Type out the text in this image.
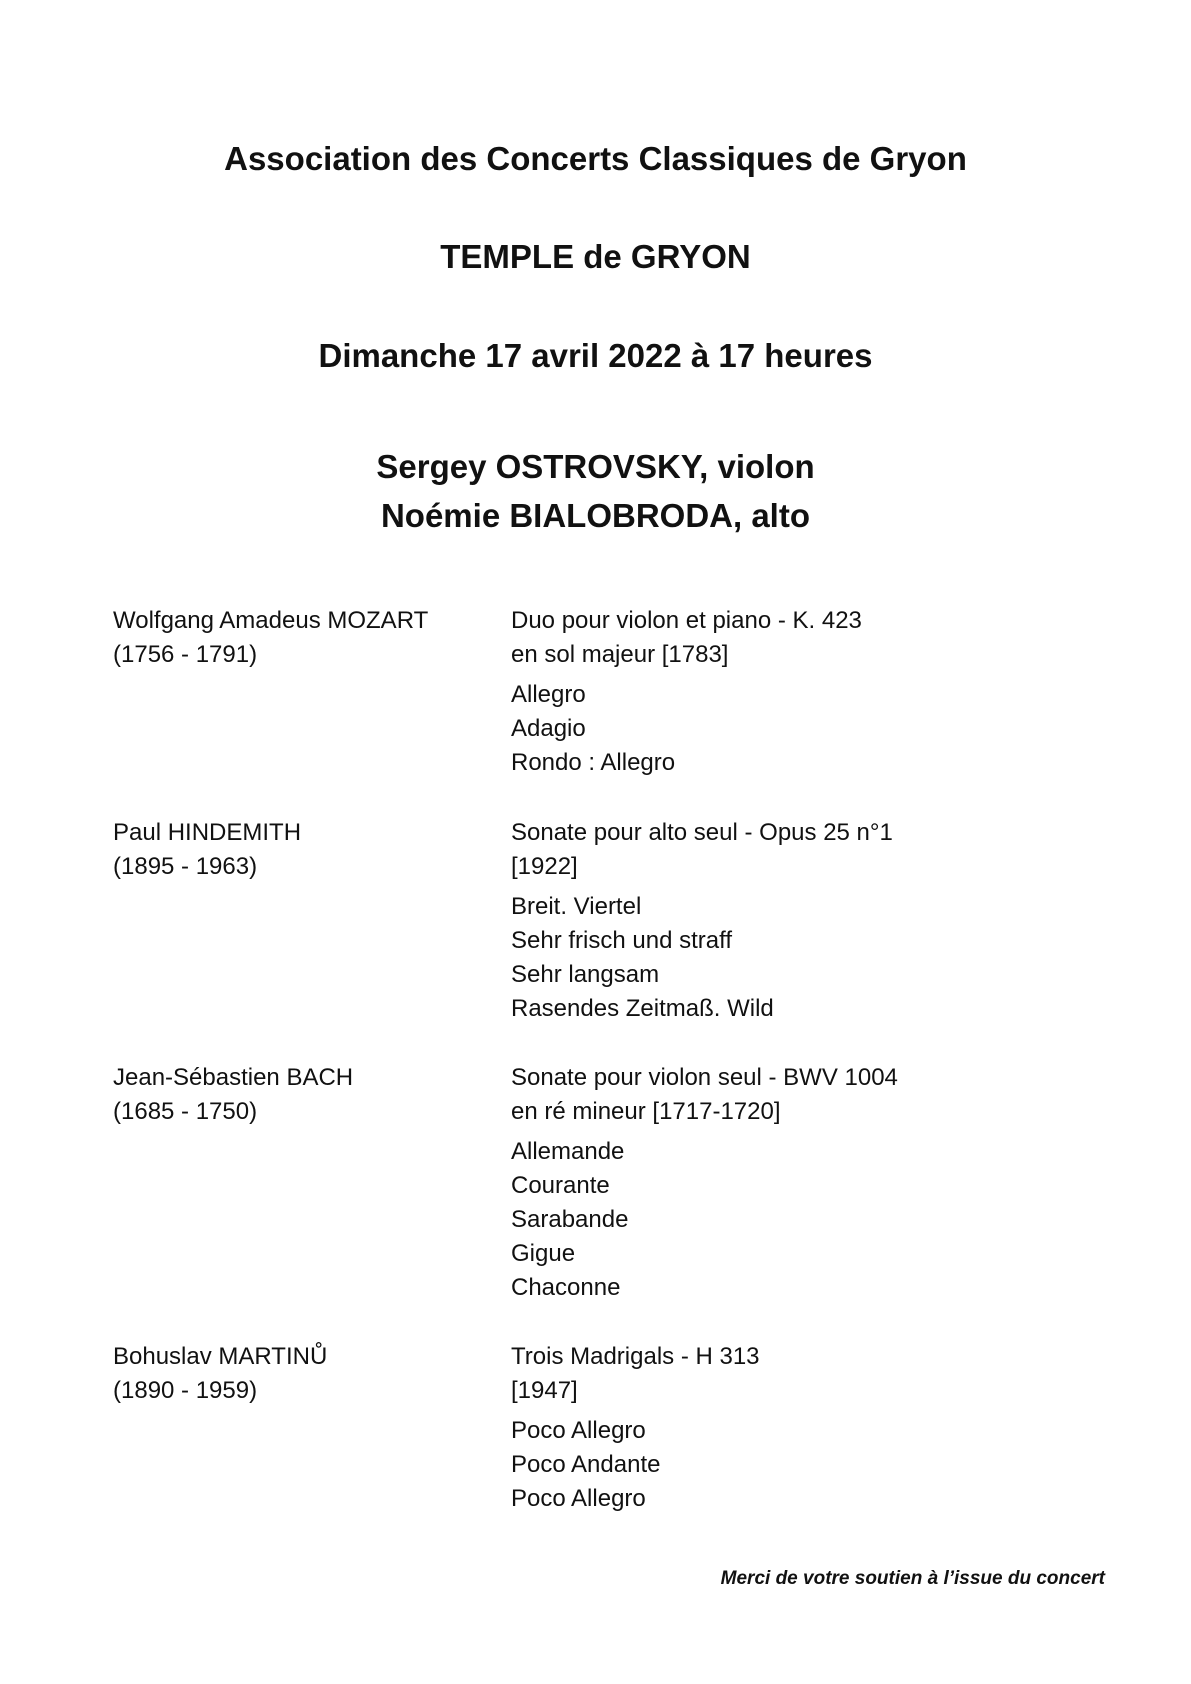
Association des Concerts Classiques de Gryon
TEMPLE de GRYON
Dimanche 17 avril 2022 à 17 heures
Sergey OSTROVSKY, violon
Noémie BIALOBRODA, alto
Wolfgang Amadeus MOZART
(1756 - 1791)
Duo pour violon et piano - K. 423
en sol majeur [1783]
Allegro
Adagio
Rondo : Allegro
Paul HINDEMITH
(1895 - 1963)
Sonate pour alto seul - Opus 25 n°1
[1922]
Breit. Viertel
Sehr frisch und straff
Sehr langsam
Rasendes Zeitmaß. Wild
Jean-Sébastien BACH
(1685 - 1750)
Sonate pour violon seul - BWV 1004
en ré mineur [1717-1720]
Allemande
Courante
Sarabande
Gigue
Chaconne
Bohuslav MARTINŮ
(1890 - 1959)
Trois Madrigals - H 313
[1947]
Poco Allegro
Poco Andante
Poco Allegro
Merci de votre soutien à l’issue du concert
